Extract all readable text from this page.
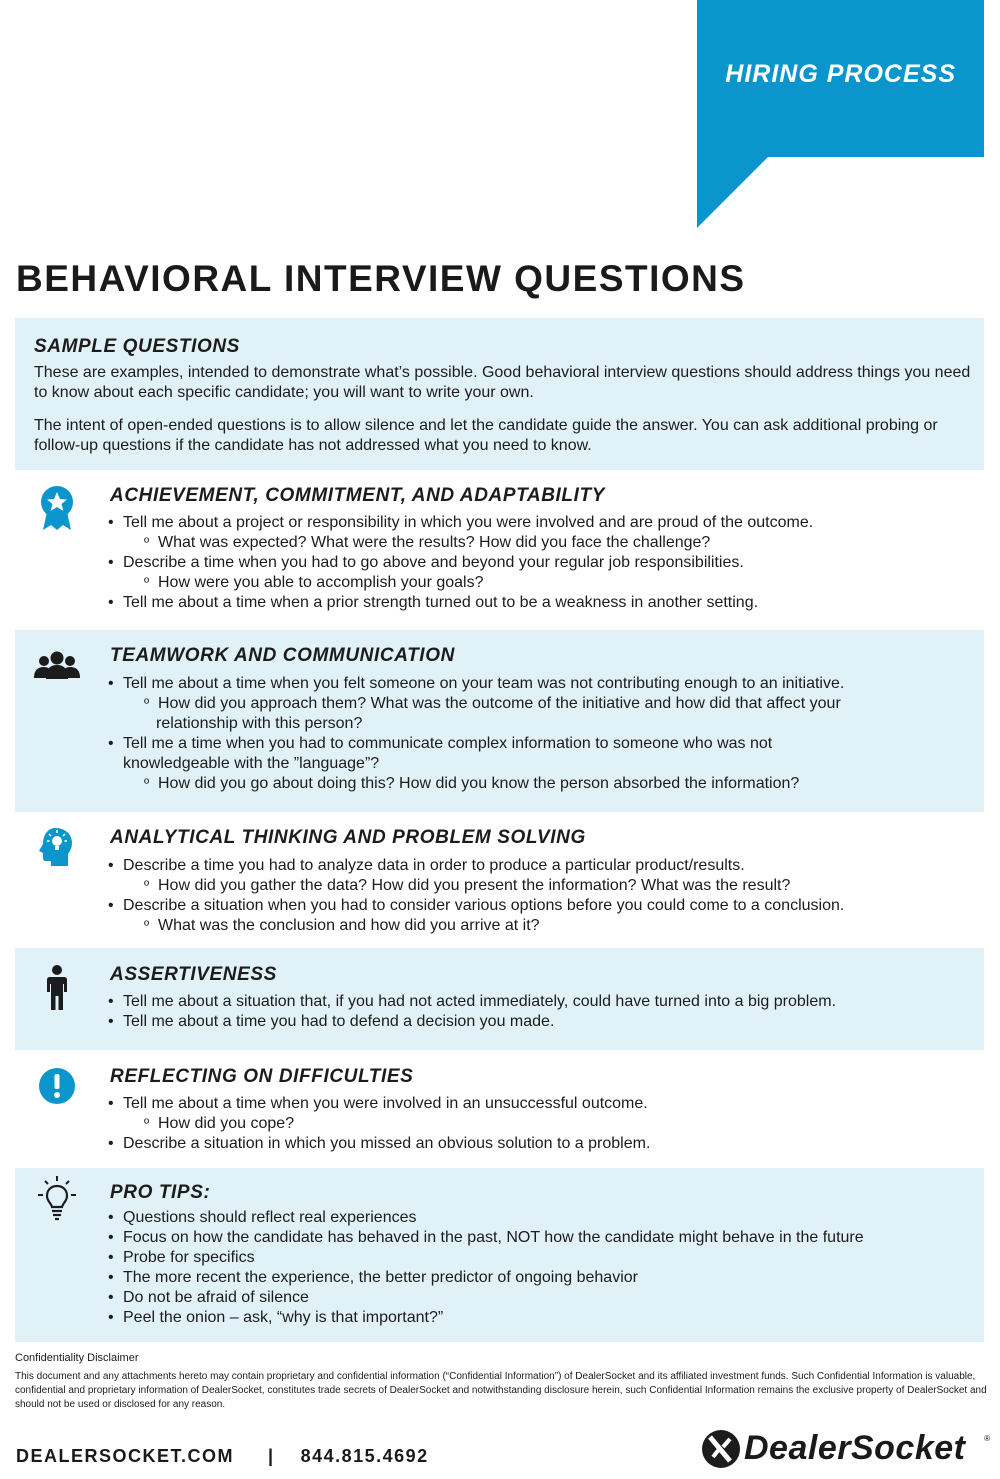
HIRING PROCESS
BEHAVIORAL INTERVIEW QUESTIONS
SAMPLE QUESTIONS

These are examples, intended to demonstrate what’s possible. Good behavioral interview questions should address things you need to know about each specific candidate; you will want to write your own.

The intent of open-ended questions is to allow silence and let the candidate guide the answer. You can ask additional probing or follow-up questions if the candidate has not addressed what you need to know.

ACHIEVEMENT, COMMITMENT, AND ADAPTABILITY
• Tell me about a project or responsibility in which you were involved and are proud of the outcome.
º What was expected? What were the results? How did you face the challenge?
• Describe a time when you had to go above and beyond your regular job responsibilities.
º How were you able to accomplish your goals?
• Tell me about a time when a prior strength turned out to be a weakness in another setting.
TEAMWORK AND COMMUNICATION
• Tell me about a time when you felt someone on your team was not contributing enough to an initiative.
º How did you approach them? What was the outcome of the initiative and how did that affect your
relationship with this person?
• Tell me a time when you had to communicate complex information to someone who was not
knowledgeable with the ”language”?
º How did you go about doing this? How did you know the person absorbed the information?
ANALYTICAL THINKING AND PROBLEM SOLVING
• Describe a time you had to analyze data in order to produce a particular product/results.
º How did you gather the data? How did you present the information? What was the result?
• Describe a situation when you had to consider various options before you could come to a conclusion.
º What was the conclusion and how did you arrive at it?
ASSERTIVENESS
• Tell me about a situation that, if you had not acted immediately, could have turned into a big problem.
• Tell me about a time you had to defend a decision you made.
REFLECTING ON DIFFICULTIES
• Tell me about a time when you were involved in an unsuccessful outcome.
º How did you cope?
• Describe a situation in which you missed an obvious solution to a problem.
PRO TIPS:
• Questions should reflect real experiences
• Focus on how the candidate has behaved in the past, NOT how the candidate might behave in the future
• Probe for specifics
• The more recent the experience, the better predictor of ongoing behavior
• Do not be afraid of silence
• Peel the onion – ask, “why is that important?”
Confidentiality Disclaimer

This document and any attachments hereto may contain proprietary and confidential information (“Confidential Information”) of DealerSocket and its affiliated investment funds. Such Confidential Information is valuable, confidential and proprietary information of DealerSocket, constitutes trade secrets of DealerSocket and notwithstanding disclosure herein, such Confidential Information remains the exclusive property of DealerSocket and should not be used or disclosed for any reason.

DEALERSOCKET.COM | 844.815.4692	DealerSocket ®
